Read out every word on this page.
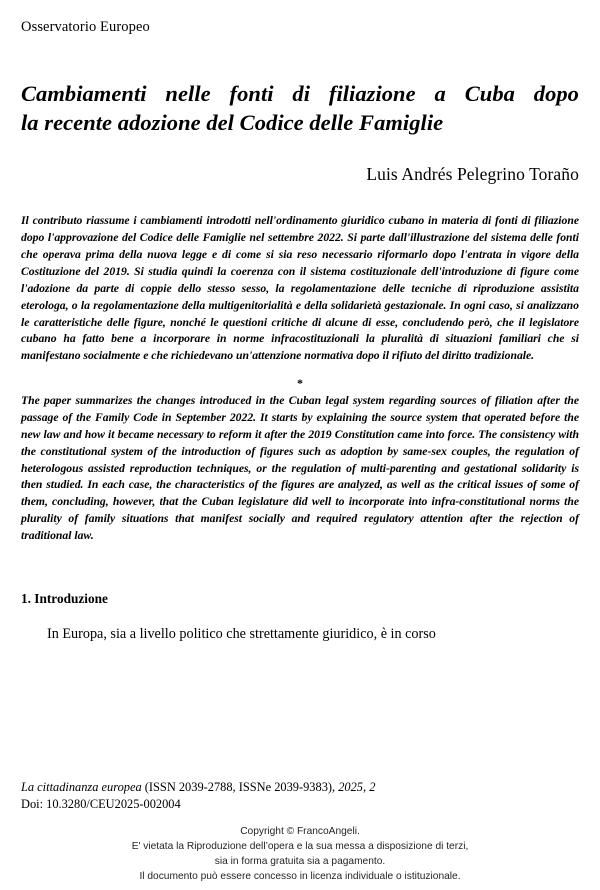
Osservatorio Europeo
Cambiamenti nelle fonti di filiazione a Cuba dopo
la recente adozione del Codice delle Famiglie
Luis Andrés Pelegrino Toraño

Il contributo riassume i cambiamenti introdotti nell'ordinamento giuridico cubano in materia di fonti di filiazione dopo l'approvazione del Codice delle Famiglie nel settembre 2022. Si parte dall'illustrazione del sistema delle fonti che operava prima della nuova legge e di come si sia reso necessario riformarlo dopo l'entrata in vigore della Costituzione del 2019. Si studia quindi la coerenza con il sistema costituzionale dell'introduzione di figure come l'adozione da parte di coppie dello stesso sesso, la regolamentazione delle tecniche di riproduzione assistita eterologa, o la regolamentazione della multigenitorialità e della solidarietà gestazionale. In ogni caso, si analizzano le caratteristiche delle figure, nonché le questioni critiche di alcune di esse, concludendo però, che il legislatore cubano ha fatto bene a incorporare in norme infracostituzionali la pluralità di situazioni familiari che si manifestano socialmente e che richiedevano un'attenzione normativa dopo il rifiuto del diritto tradizionale.

*

The paper summarizes the changes introduced in the Cuban legal system regarding sources of filiation after the passage of the Family Code in September 2022. It starts by explaining the source system that operated before the new law and how it became necessary to reform it after the 2019 Constitution came into force. The consistency with the constitutional system of the introduction of figures such as adoption by same-sex couples, the regulation of heterologous assisted reproduction techniques, or the regulation of multi-parenting and gestational solidarity is then studied. In each case, the characteristics of the figures are analyzed, as well as the critical issues of some of them, concluding, however, that the Cuban legislature did well to incorporate into infra-constitutional norms the plurality of family situations that manifest socially and required regulatory attention after the rejection of traditional law.

1. Introduzione

In Europa, sia a livello politico che strettamente giuridico, è in corso

La cittadinanza europea (ISSN 2039-2788, ISSNe 2039-9383), 2025, 2
Doi: 10.3280/CEU2025-002004
Copyright © FrancoAngeli.
E' vietata la Riproduzione dell’opera e la sua messa a disposizione di terzi,
sia in forma gratuita sia a pagamento.
Il documento può essere concesso in licenza individuale o istituzionale.
